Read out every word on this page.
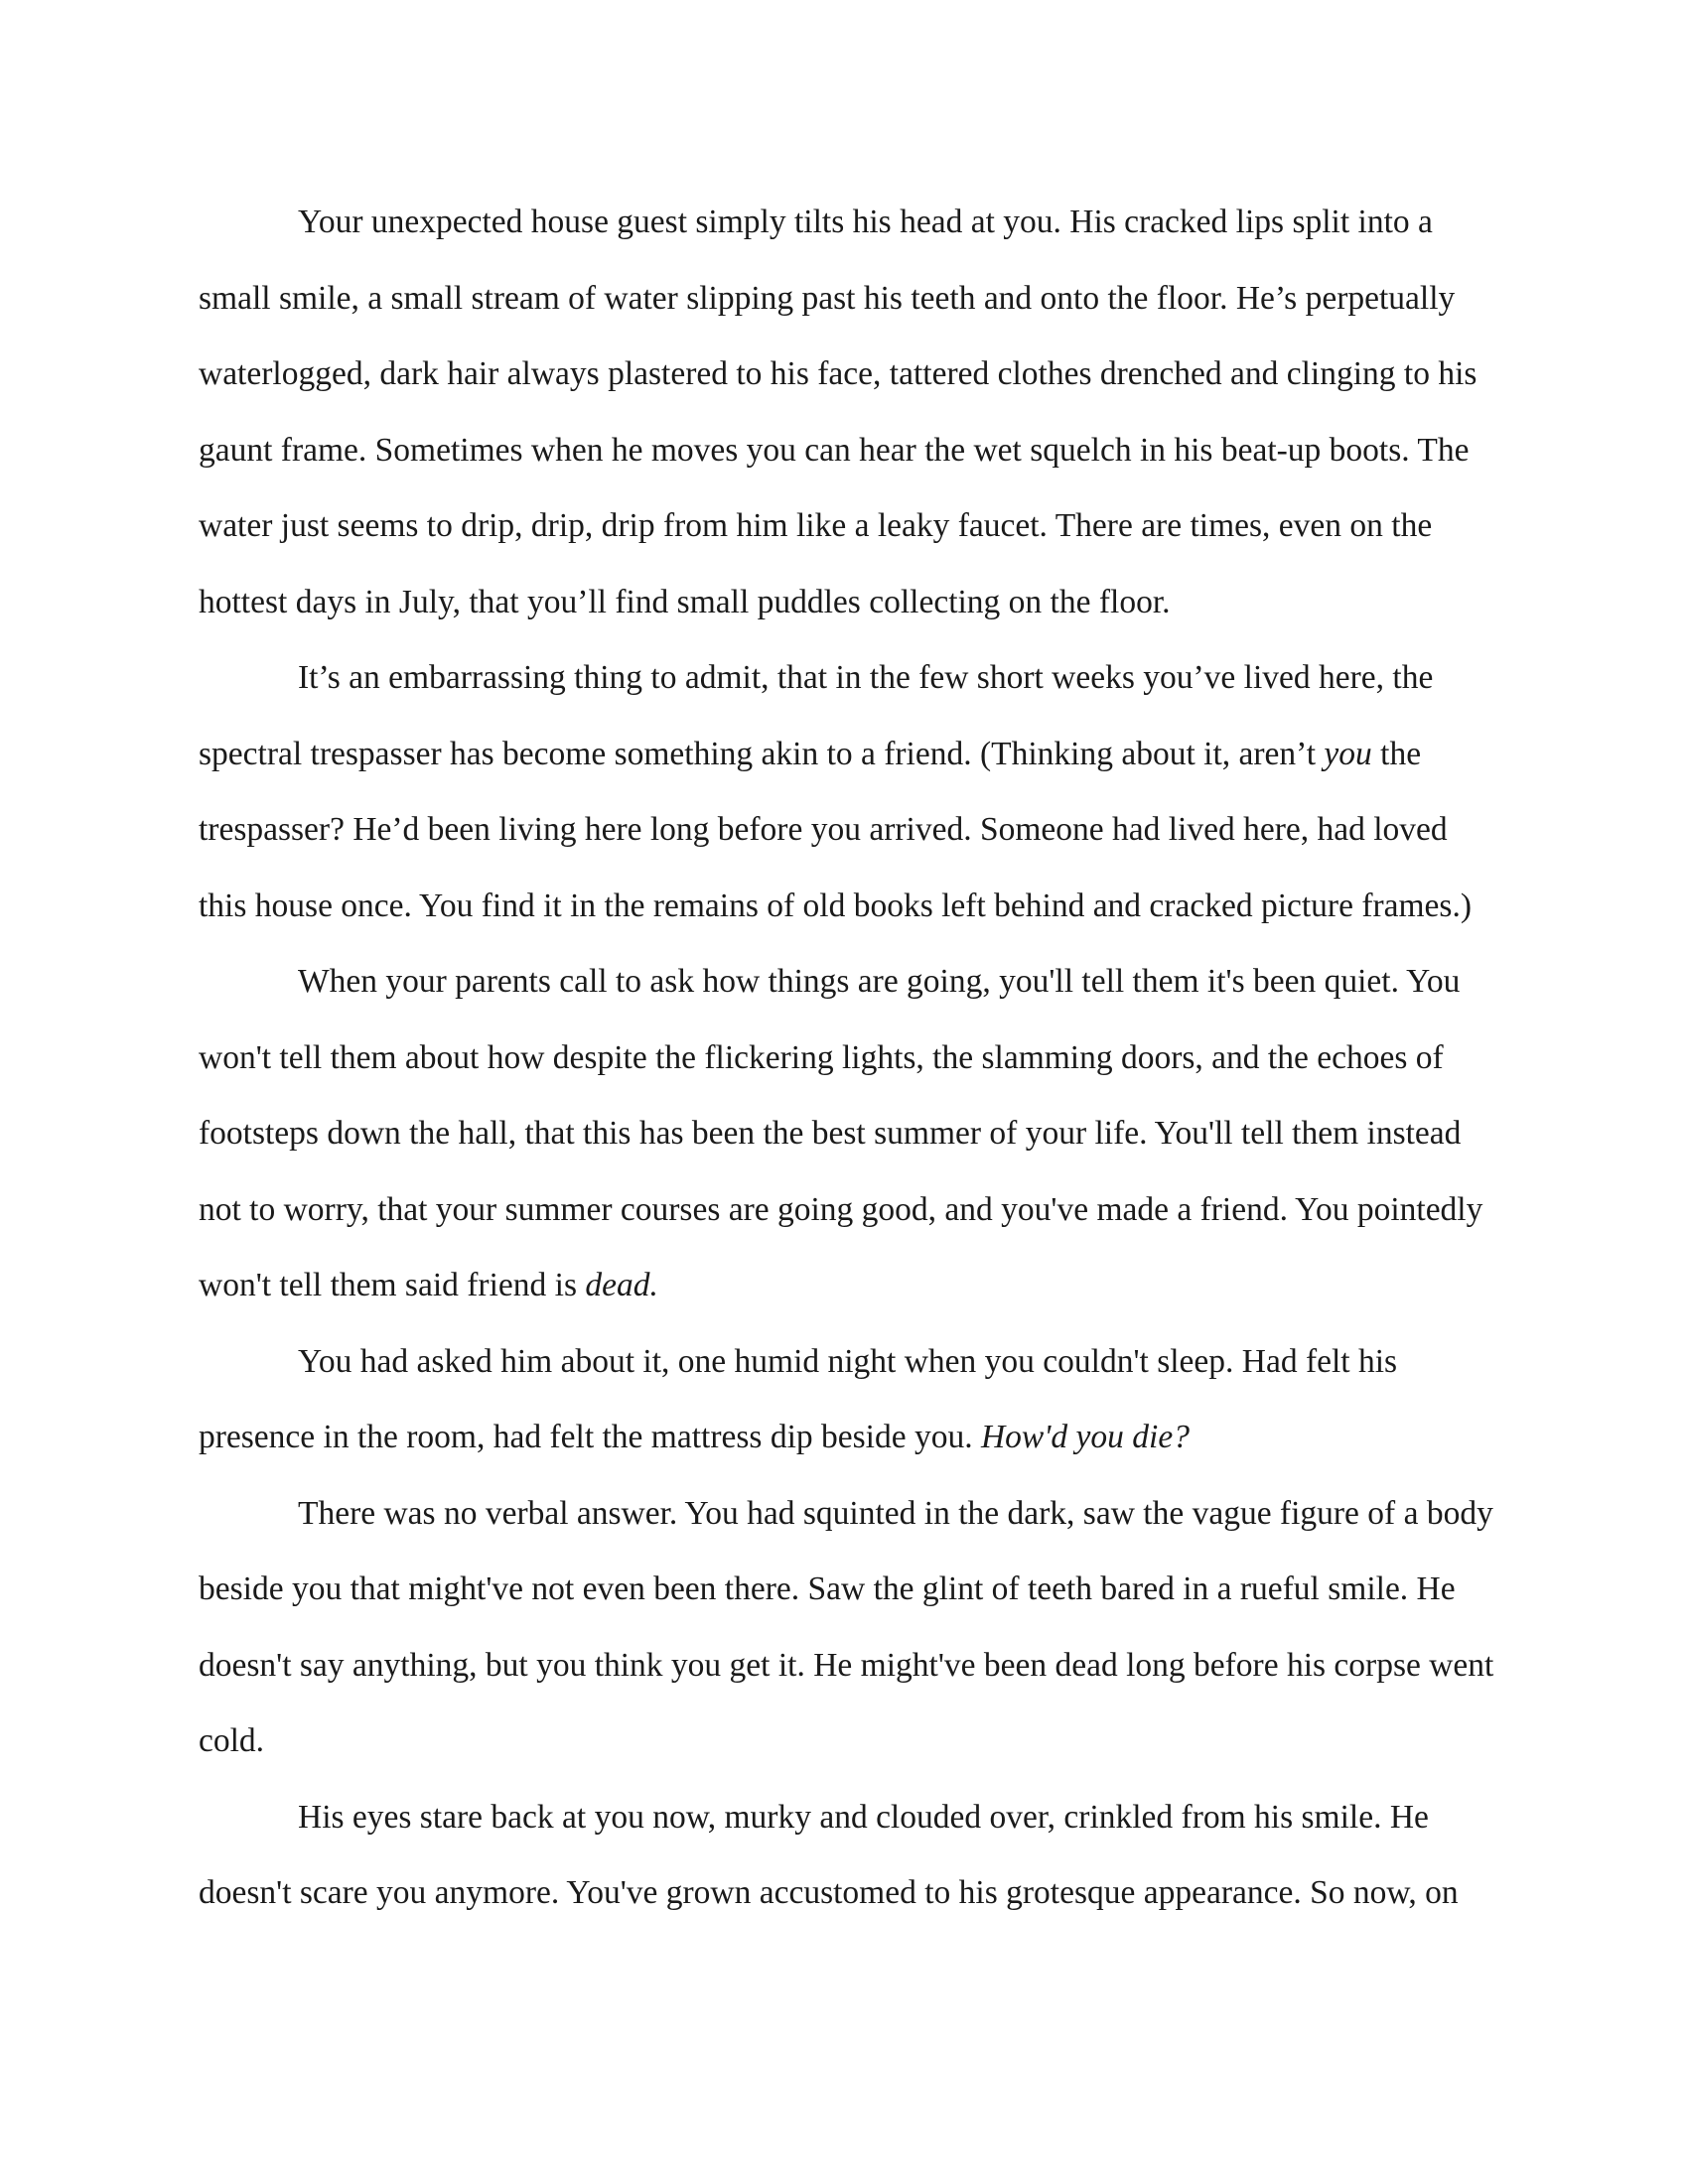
Your unexpected house guest simply tilts his head at you. His cracked lips split into a small smile, a small stream of water slipping past his teeth and onto the floor. He’s perpetually waterlogged, dark hair always plastered to his face, tattered clothes drenched and clinging to his gaunt frame. Sometimes when he moves you can hear the wet squelch in his beat-up boots. The water just seems to drip, drip, drip from him like a leaky faucet. There are times, even on the hottest days in July, that you’ll find small puddles collecting on the floor.

It’s an embarrassing thing to admit, that in the few short weeks you’ve lived here, the spectral trespasser has become something akin to a friend. (Thinking about it, aren’t you the trespasser? He’d been living here long before you arrived. Someone had lived here, had loved this house once. You find it in the remains of old books left behind and cracked picture frames.)

When your parents call to ask how things are going, you'll tell them it's been quiet. You won't tell them about how despite the flickering lights, the slamming doors, and the echoes of footsteps down the hall, that this has been the best summer of your life. You'll tell them instead not to worry, that your summer courses are going good, and you've made a friend. You pointedly won't tell them said friend is dead.

You had asked him about it, one humid night when you couldn't sleep. Had felt his presence in the room, had felt the mattress dip beside you. How'd you die?

There was no verbal answer. You had squinted in the dark, saw the vague figure of a body beside you that might've not even been there. Saw the glint of teeth bared in a rueful smile. He doesn't say anything, but you think you get it. He might've been dead long before his corpse went cold.

His eyes stare back at you now, murky and clouded over, crinkled from his smile. He doesn't scare you anymore. You've grown accustomed to his grotesque appearance. So now, on
